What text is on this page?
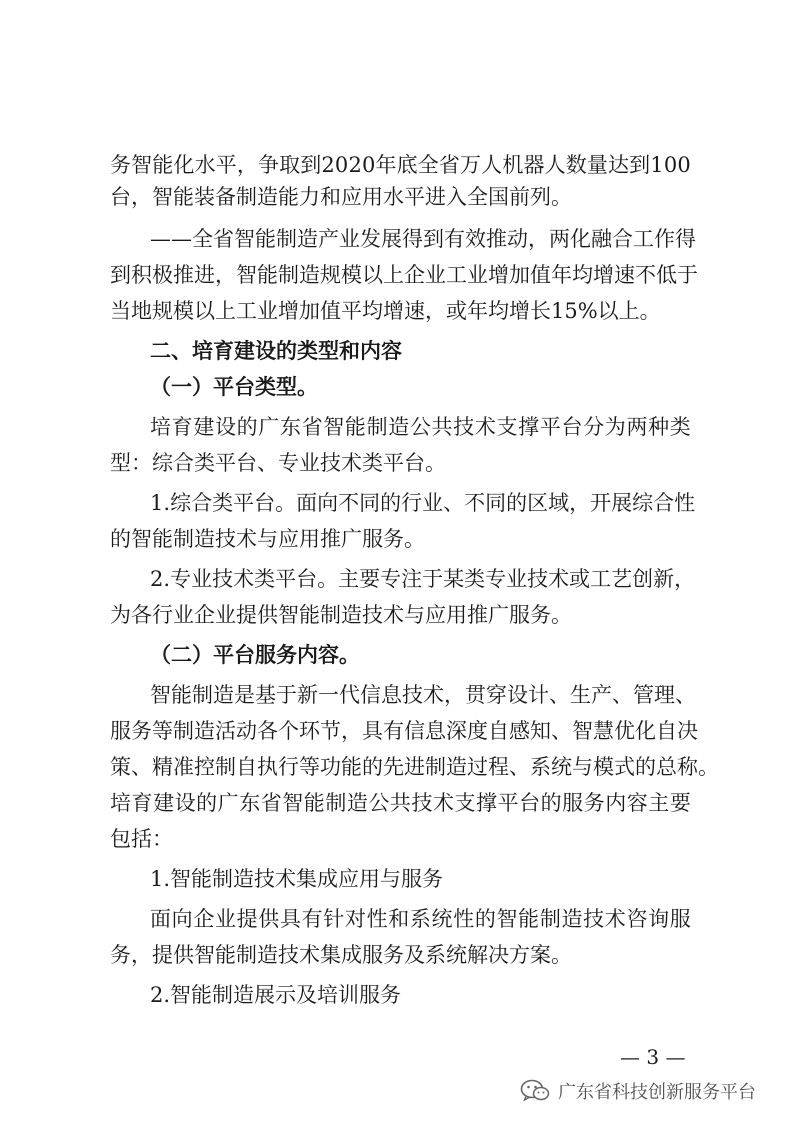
务 智 能 化 水 平 ， 争 取 到 2 0 2 0 年 底 全 省 万 人 机 器 人 数 量 达 到 1 0 0
台，智能装备制造能力和应用水平进入全国前列。
— — 全 省 智 能 制 造 产 业 发 展 得 到 有 效 推 动 ， 两 化 融 合 工 作 得
到 积 极 推 进 ， 智 能 制 造 规 模 以 上 企 业 工 业 增 加 值 年 均 增 速 不 低 于
当地规模以上工业增加值平均增速，或年均增长15%以上。
二、培育建设的类型和内容
（一）平台类型。
培 育 建 设 的 广 东 省 智 能 制 造 公 共 技 术 支 撑 平 台 分 为 两 种 类
型：综合类平台、专业技术类平台。
1 . 综 合 类 平 台 。 面 向 不 同 的 行 业 、 不 同 的 区 域 ， 开 展 综 合 性
的智能制造技术与应用推广服务。
2 . 专 业 技 术 类 平 台 。 主 要 专 注 于 某 类 专 业 技 术 或 工 艺 创 新 ，
为各行业企业提供智能制造技术与应用推广服务。
（二）平台服务内容。
智 能 制 造 是 基 于 新 一 代 信 息 技 术 ， 贯 穿 设 计 、 生 产 、 管 理 、
服 务 等 制 造 活 动 各 个 环 节 ， 具 有 信 息 深 度 自 感 知 、 智 慧 优 化 自 决
策 、 精 准 控 制 自 执 行 等 功 能 的 先 进 制 造 过 程 、 系 统 与 模 式 的 总 称 。
培 育 建 设 的 广 东 省 智 能 制 造 公 共 技 术 支 撑 平 台 的 服 务 内 容 主 要
包括：
1.智能制造技术集成应用与服务
面 向 企 业 提 供 具 有 针 对 性 和 系 统 性 的 智 能 制 造 技 术 咨 询 服
务，提供智能制造技术集成服务及系统解决方案。
2.智能制造展示及培训服务
— 3 —
广东省科技创新服务平台
